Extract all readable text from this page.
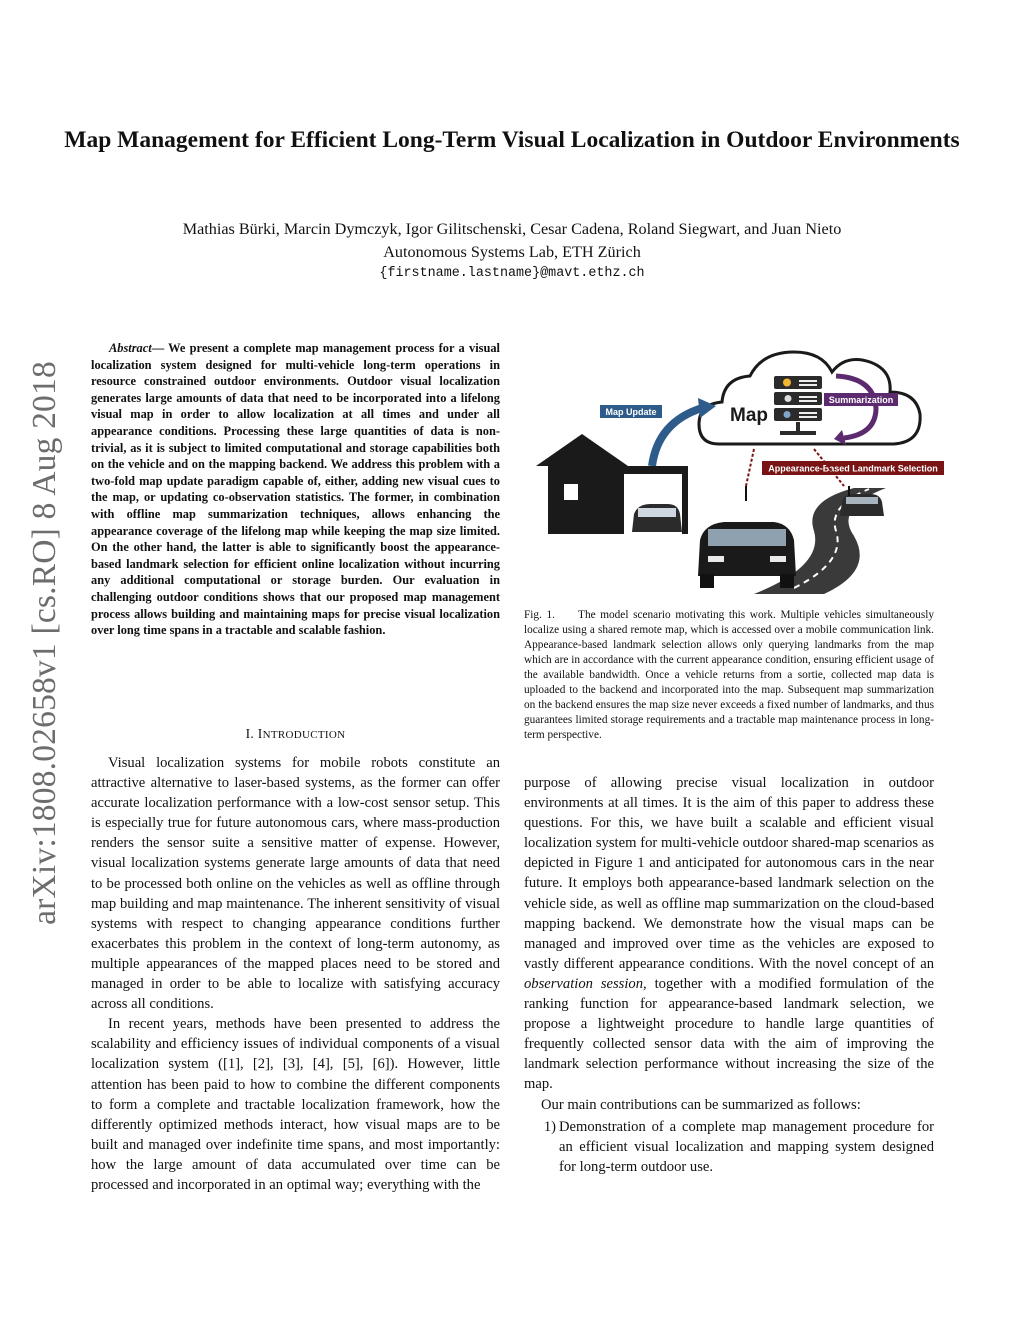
Map Management for Efficient Long-Term Visual Localization in Outdoor Environments
Mathias Bürki, Marcin Dymczyk, Igor Gilitschenski, Cesar Cadena, Roland Siegwart, and Juan Nieto
Autonomous Systems Lab, ETH Zürich
{firstname.lastname}@mavt.ethz.ch
arXiv:1808.02658v1 [cs.RO] 8 Aug 2018

Abstract— We present a complete map management process for a visual localization system designed for multi-vehicle long-term operations in resource constrained outdoor environments. Outdoor visual localization generates large amounts of data that need to be incorporated into a lifelong visual map in order to allow localization at all times and under all appearance conditions. Processing these large quantities of data is non-trivial, as it is subject to limited computational and storage capabilities both on the vehicle and on the mapping backend. We address this problem with a two-fold map update paradigm capable of, either, adding new visual cues to the map, or updating co-observation statistics. The former, in combination with offline map summarization techniques, allows enhancing the appearance coverage of the lifelong map while keeping the map size limited. On the other hand, the latter is able to significantly boost the appearance-based landmark selection for efficient online localization without incurring any additional computational or storage burden. Our evaluation in challenging outdoor conditions shows that our proposed map management process allows building and maintaining maps for precise visual localization over long time spans in a tractable and scalable fashion.

I. INTRODUCTION

Visual localization systems for mobile robots constitute an attractive alternative to laser-based systems, as the former can offer accurate localization performance with a low-cost sensor setup. This is especially true for future autonomous cars, where mass-production renders the sensor suite a sensitive matter of expense. However, visual localization systems generate large amounts of data that need to be processed both online on the vehicles as well as offline through map building and map maintenance. The inherent sensitivity of visual systems with respect to changing appearance conditions further exacerbates this problem in the context of long-term autonomy, as multiple appearances of the mapped places need to be stored and managed in order to be able to localize with satisfying accuracy across all conditions.

In recent years, methods have been presented to address the scalability and efficiency issues of individual components of a visual localization system ([1], [2], [3], [4], [5], [6]). However, little attention has been paid to how to combine the different components to form a complete and tractable localization framework, how the differently optimized methods interact, how visual maps are to be built and managed over indefinite time spans, and most importantly: how the large amount of data accumulated over time can be processed and incorporated in an optimal way; everything with the

Map
Summarization
Map Update
Appearance-Based Landmark Selection
Fig. 1. The model scenario motivating this work. Multiple vehicles simultaneously localize using a shared remote map, which is accessed over a mobile communication link. Appearance-based landmark selection allows only querying landmarks from the map which are in accordance with the current appearance condition, ensuring efficient usage of the available bandwidth. Once a vehicle returns from a sortie, collected map data is uploaded to the backend and incorporated into the map. Subsequent map summarization on the backend ensures the map size never exceeds a fixed number of landmarks, and thus guarantees limited storage requirements and a tractable map maintenance process in long-term perspective.

purpose of allowing precise visual localization in outdoor environments at all times. It is the aim of this paper to address these questions. For this, we have built a scalable and efficient visual localization system for multi-vehicle outdoor shared-map scenarios as depicted in Figure 1 and anticipated for autonomous cars in the near future. It employs both appearance-based landmark selection on the vehicle side, as well as offline map summarization on the cloud-based mapping backend. We demonstrate how the visual maps can be managed and improved over time as the vehicles are exposed to vastly different appearance conditions. With the novel concept of an observation session, together with a modified formulation of the ranking function for appearance-based landmark selection, we propose a lightweight procedure to handle large quantities of frequently collected sensor data with the aim of improving the landmark selection performance without increasing the size of the map.

Our main contributions can be summarized as follows:

1) Demonstration of a complete map management procedure for an efficient visual localization and mapping system designed for long-term outdoor use.
